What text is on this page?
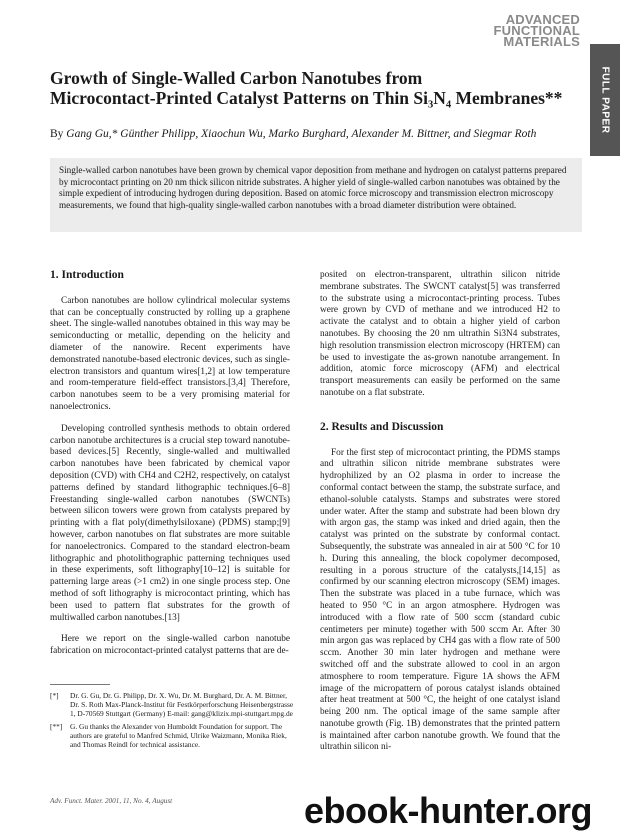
ADVANCED
FUNCTIONAL
MATERIALS
FULL PAPER
Growth of Single-Walled Carbon Nanotubes from
Microcontact-Printed Catalyst Patterns on Thin Si₃N₄ Membranes**
By Gang Gu,* Günther Philipp, Xiaochun Wu, Marko Burghard, Alexander M. Bittner, and Siegmar Roth
Single-walled carbon nanotubes have been grown by chemical vapor deposition from methane and hydrogen on catalyst patterns prepared by microcontact printing on 20 nm thick silicon nitride substrates. A higher yield of single-walled carbon nanotubes was obtained by the simple expedient of introducing hydrogen during deposition. Based on atomic force microscopy and transmission electron microscopy measurements, we found that high-quality single-walled carbon nanotubes with a broad diameter distribution were obtained.
1. Introduction

Carbon nanotubes are hollow cylindrical molecular systems that can be conceptually constructed by rolling up a graphene sheet. The single-walled nanotubes obtained in this way may be semiconducting or metallic, depending on the helicity and diameter of the nanowire. Recent experiments have demonstrated nanotube-based electronic devices, such as single-electron transistors and quantum wires[1,2] at low temperature and room-temperature field-effect transistors.[3,4] Therefore, carbon nanotubes seem to be a very promising material for nanoelectronics.

Developing controlled synthesis methods to obtain ordered carbon nanotube architectures is a crucial step toward nanotube-based devices.[5] Recently, single-walled and multiwalled carbon nanotubes have been fabricated by chemical vapor deposition (CVD) with CH4 and C2H2, respectively, on catalyst patterns defined by standard lithographic techniques.[6–8] Freestanding single-walled carbon nanotubes (SWCNTs) between silicon towers were grown from catalysts prepared by printing with a flat poly(dimethylsiloxane) (PDMS) stamp;[9] however, carbon nanotubes on flat substrates are more suitable for nanoelectronics. Compared to the standard electron-beam lithographic and photolithographic patterning techniques used in these experiments, soft lithography[10–12] is suitable for patterning large areas (>1 cm2) in one single process step. One method of soft lithography is microcontact printing, which has been used to pattern flat substrates for the growth of multiwalled carbon nanotubes.[13]

Here we report on the single-walled carbon nanotube fabrication on microcontact-printed catalyst patterns that are de-

posited on electron-transparent, ultrathin silicon nitride membrane substrates. The SWCNT catalyst[5] was transferred to the substrate using a microcontact-printing process. Tubes were grown by CVD of methane and we introduced H2 to activate the catalyst and to obtain a higher yield of carbon nanotubes. By choosing the 20 nm ultrathin Si3N4 substrates, high resolution transmission electron microscopy (HRTEM) can be used to investigate the as-grown nanotube arrangement. In addition, atomic force microscopy (AFM) and electrical transport measurements can easily be performed on the same nanotube on a flat substrate.

2. Results and Discussion

For the first step of microcontact printing, the PDMS stamps and ultrathin silicon nitride membrane substrates were hydrophilized by an O2 plasma in order to increase the conformal contact between the stamp, the substrate surface, and ethanol-soluble catalysts. Stamps and substrates were stored under water. After the stamp and substrate had been blown dry with argon gas, the stamp was inked and dried again, then the catalyst was printed on the substrate by conformal contact. Subsequently, the substrate was annealed in air at 500 °C for 10 h. During this annealing, the block copolymer decomposed, resulting in a porous structure of the catalysts,[14,15] as confirmed by our scanning electron microscopy (SEM) images. Then the substrate was placed in a tube furnace, which was heated to 950 °C in an argon atmosphere. Hydrogen was introduced with a flow rate of 500 sccm (standard cubic centimeters per minute) together with 500 sccm Ar. After 30 min argon gas was replaced by CH4 gas with a flow rate of 500 sccm. Another 30 min later hydrogen and methane were switched off and the substrate allowed to cool in an argon atmosphere to room temperature. Figure 1A shows the AFM image of the micropattern of porous catalyst islands obtained after heat treatment at 500 °C, the height of one catalyst island being 200 nm. The optical image of the same sample after nanotube growth (Fig. 1B) demonstrates that the printed pattern is maintained after carbon nanotube growth. We found that the ultrathin silicon ni-

[*]	Dr. G. Gu, Dr. G. Philipp, Dr. X. Wu, Dr. M. Burghard, Dr. A. M. Bittner, Dr. S. Roth Max-Planck-Institut für Festkörperforschung Heisenbergstrasse 1, D-70569 Stuttgart (Germany) E-mail: gang@klizix.mpi-stuttgart.mpg.de
[**]	G. Gu thanks the Alexander von Humboldt Foundation for support. The authors are grateful to Manfred Schmid, Ulrike Waizmann, Monika Riek, and Thomas Reindl for technical assistance.
Adv. Funct. Mater. 2001, 11, No. 4, August	ebook-hunter.org
